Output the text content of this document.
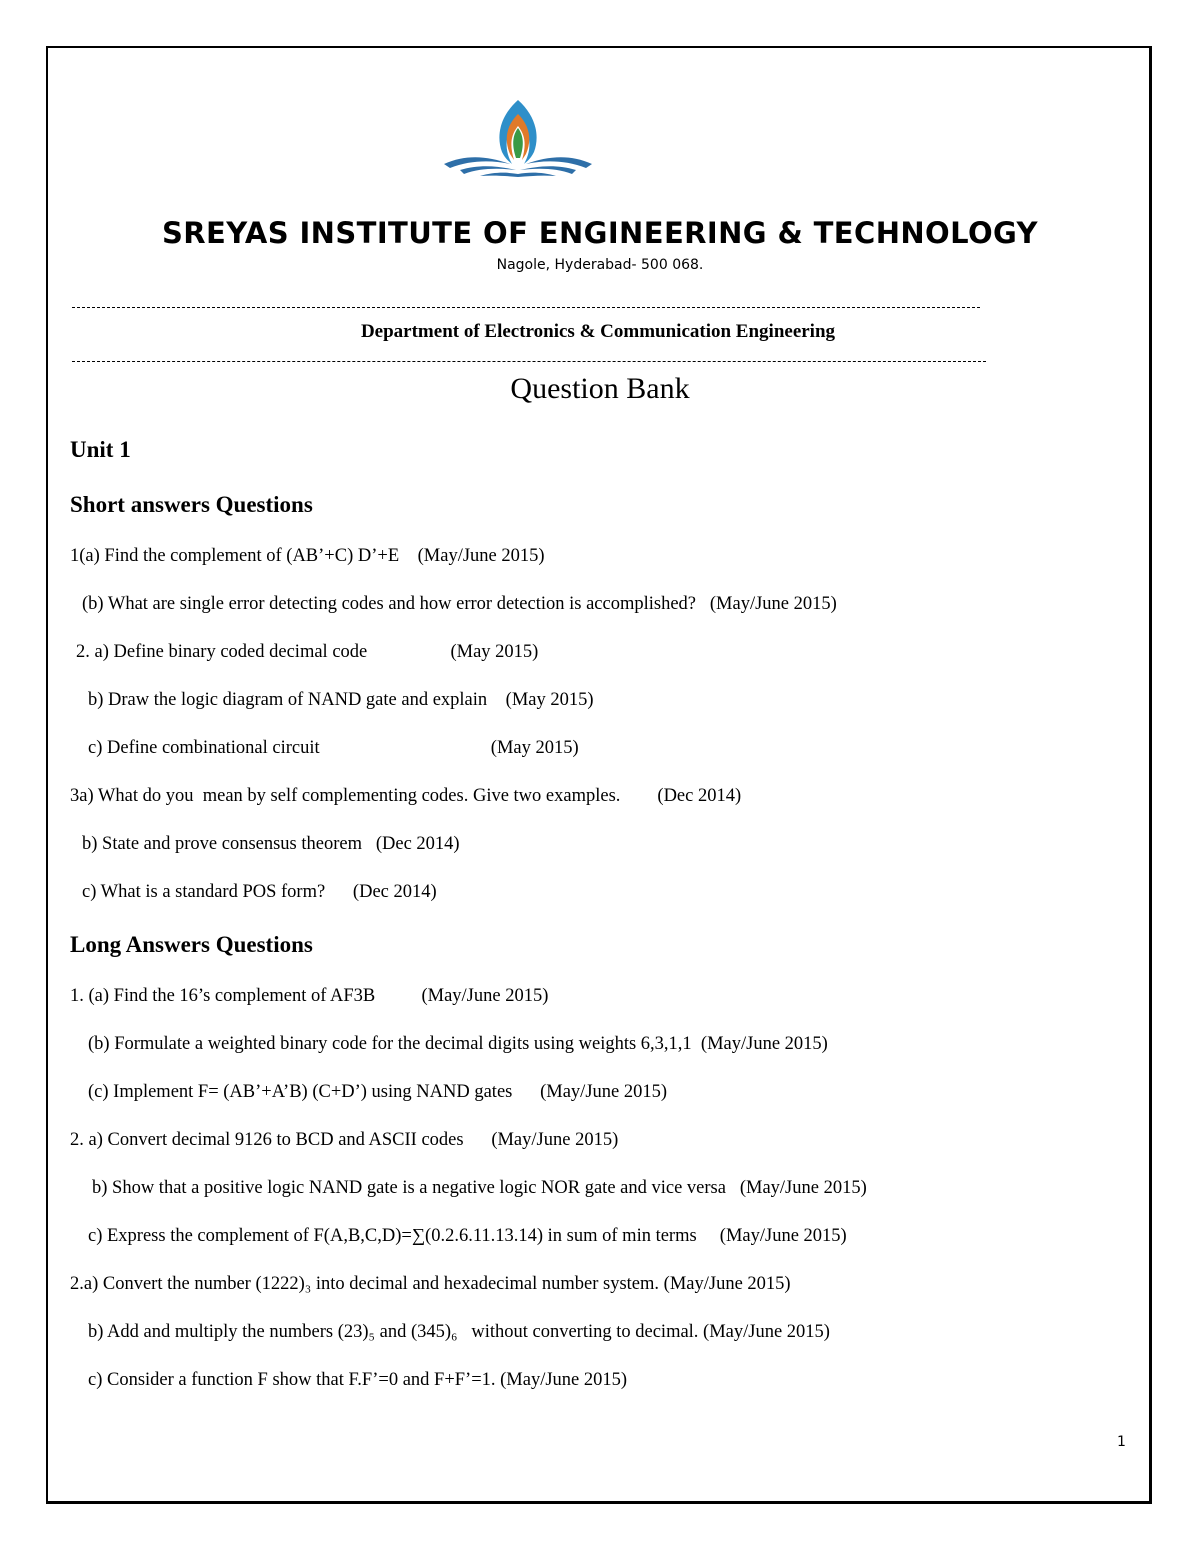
SREYAS INSTITUTE OF ENGINEERING & TECHNOLOGY
Nagole, Hyderabad- 500 068.
Department of Electronics & Communication Engineering
Question Bank
Unit 1
Short answers Questions
1(a) Find the complement of (AB’+C) D’+E    (May/June 2015)
(b) What are single error detecting codes and how error detection is accomplished?   (May/June 2015)
2. a) Define binary coded decimal code                  (May 2015)
b) Draw the logic diagram of NAND gate and explain    (May 2015)
c) Define combinational circuit                                     (May 2015)
3a) What do you  mean by self complementing codes. Give two examples.        (Dec 2014)
b) State and prove consensus theorem   (Dec 2014)
c) What is a standard POS form?      (Dec 2014)
Long Answers Questions
1. (a) Find the 16’s complement of AF3B          (May/June 2015)
(b) Formulate a weighted binary code for the decimal digits using weights 6,3,1,1  (May/June 2015)
(c) Implement F= (AB’+A’B) (C+D’) using NAND gates      (May/June 2015)
2. a) Convert decimal 9126 to BCD and ASCII codes      (May/June 2015)
b) Show that a positive logic NAND gate is a negative logic NOR gate and vice versa   (May/June 2015)
c) Express the complement of F(A,B,C,D)=∑(0.2.6.11.13.14) in sum of min terms     (May/June 2015)
2.a) Convert the number (1222)₃ into decimal and hexadecimal number system. (May/June 2015)
b) Add and multiply the numbers (23)₅ and (345)₆   without converting to decimal. (May/June 2015)
c) Consider a function F show that F.F’=0 and F+F’=1. (May/June 2015)
1
